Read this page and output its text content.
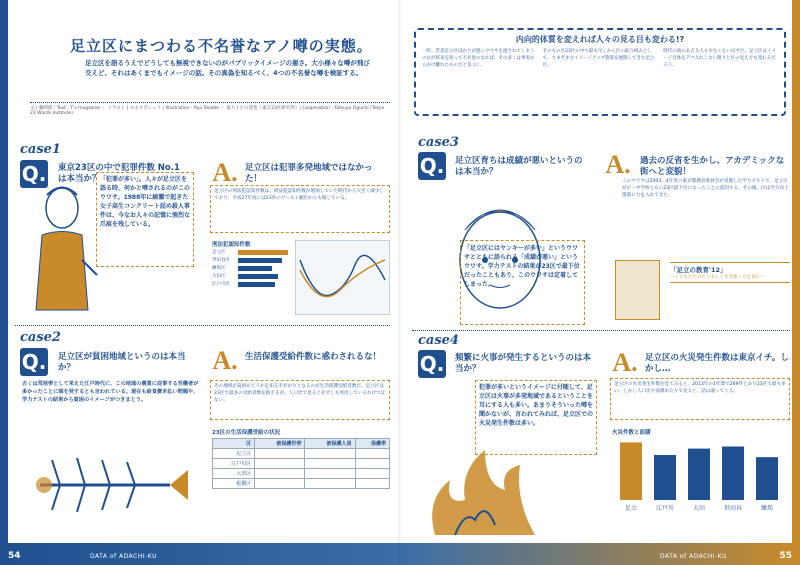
足立区にまつわる不名誉なアノ噂の実態。
足立区を語るうえでどうしても無視できないのがパブリックイメージの悪さ。大小様々な噂が飛び交えど、それはあくまでもイメージの話。その真偽を知るべく、4つの不名誉な噂を検証する。
文 | 藤崎典｜Text : T's magazine ・ イラスト | ヨネクボシュリ | Illustration : Ryo Shiobe ・ 協力 | 小口達也（東京23区研究所）| Cooperation : Tatsuya Oguchi (Tokyo 23 Wards Institute)
case1
Q. 東京23区の中で犯罪件数 No.1 は本当か？	A. 足立区は犯罪多発地域ではなかった！
「犯罪が多い」。人々が足立区を語る時、何かと噂されるのがこのウワサ。1988年に綾瀬で起きた女子高生コンクリート詰め殺人事件は、今なお人々の記憶に強烈な爪痕を残している。
足立区の刑法犯認知件数は、刑法犯認知件数が増加していた時代から大きく減少しており、平成27年度には23区のワースト順位からも脱している。
刑法犯認知件数
足立区
世田谷区
練馬区
大田区
江戸川区
case2
Q. 足立区が貧困地域というのは本当か？	A. 生活保護受給件数に惑わされるな！
古くは荒地帯として栄えた江戸時代に、この地域の農業に従事する労働者が多かったことに端を発するとも言われている。現在も給食費未払い問題や、学力テストの結果から貧困のイメージがつきまとう。
その地域が貧困かどうかを知る手がかりとなるのが生活保護受給者数だ。足立区は23区で最多の受給者数を抱えるが、人口比で見ると必ずしも突出しているわけではない。
23区の生活保護受給の状況
区	被保護世帯	被保護人員	保護率
足立区			
江戸川区			
大田区			
板橋区			
54	DATA of ADACHI-KU
内向的体質を変えれば人々の見る目も変わる!?
一昨、若者足立区ばかりが悪いウワサを流されてしまうのかが将来を知って不名誉のなかば、その多くは事実からかけ離れたものだと気づく。
そのもの区23区の中で最も早くから区の取り組みとして、さまざまなイメージアップ施策を展開してきた足立区。
時代の波にあえる人も少なくないはずだ。足立区はイメージ自体をテコ入れしない限りと区の見え方も変わるだろう。
case3
Q. 足立区育ちは成績が悪いというのは本当か？	A. 過去の反省を生かし、アカデミックな街へと変貌！
「足立区にはヤンキーが多い」というウワサとともに語られる「成績が悪い」というウワサ。学力テストの結果が23区で最下位だったこともあり、このウワサは定着してしまった。
このウワサは2003、4年度に東京都教育委員会が実施した学力テストで、足立区が小・中学校ともに23区最下位になったことに起因する。その後、区は学力向上施策に力を入れてきた。
「足立の教育'12」
〜子どもたちのたくましく生き抜く力を育む〜
case4
Q. 頻繁に火事が発生するというのは本当か？	A. 足立区の火災発生件数は東京イチ。しかし…
犯罪が多いというイメージに付随して、足立区は火事が多発地域であるということを耳にする人も多い。あまりそういった噂を聞かないが、言われてみれば、足立区での火災発生件数は多い。
足立区の火災発生件数を見てみると、2013年の1年間で269件とあり23区で最も多い。しかし人口比や面積あたりで見ると、話は違ってくる。
火災件数と面積
足立	江戸川	大田	世田谷	練馬
55
DATA of ADACHI-KU
